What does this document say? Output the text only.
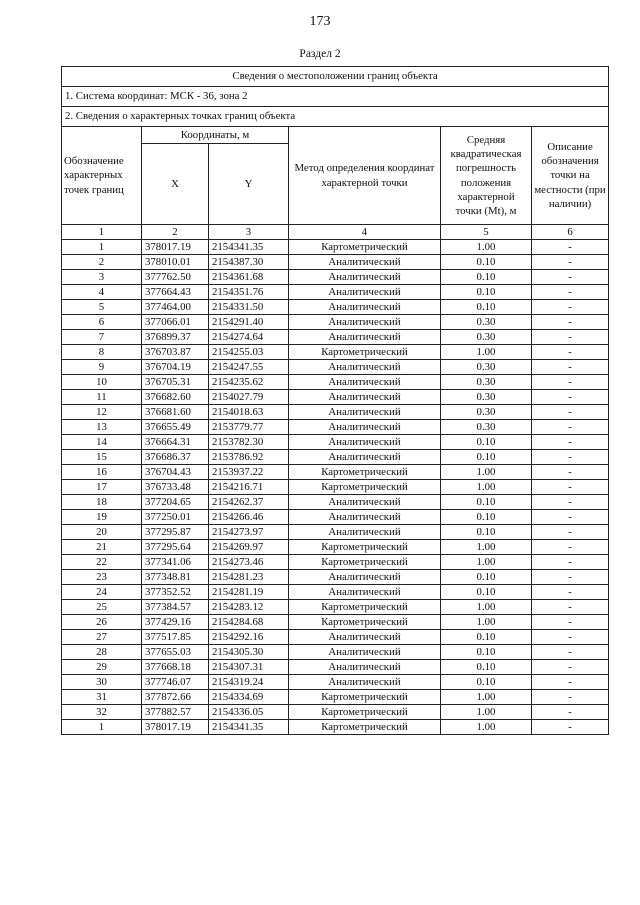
173
Раздел 2
Сведения о местоположении границ объекта					
1. Система координат: МСК - 36, зона 2					
2. Сведения о характерных точках границ объекта					
Обозначение характерных точек границ	Координаты, м		Метод определения координат характерной точки	Средняя квадратическая погрешность положения характерной точки (Mt), м	Описание обозначения точки на местности (при наличии)
	X	Y			
1	2	3	4	5	6
1	378017.19	2154341.35	Картометрический	1.00	-
2	378010.01	2154387.30	Аналитический	0.10	-
3	377762.50	2154361.68	Аналитический	0.10	-
4	377664.43	2154351.76	Аналитический	0.10	-
5	377464.00	2154331.50	Аналитический	0.10	-
6	377066.01	2154291.40	Аналитический	0.30	-
7	376899.37	2154274.64	Аналитический	0.30	-
8	376703.87	2154255.03	Картометрический	1.00	-
9	376704.19	2154247.55	Аналитический	0.30	-
10	376705.31	2154235.62	Аналитический	0.30	-
11	376682.60	2154027.79	Аналитический	0.30	-
12	376681.60	2154018.63	Аналитический	0.30	-
13	376655.49	2153779.77	Аналитический	0.30	-
14	376664.31	2153782.30	Аналитический	0.10	-
15	376686.37	2153786.92	Аналитический	0.10	-
16	376704.43	2153937.22	Картометрический	1.00	-
17	376733.48	2154216.71	Картометрический	1.00	-
18	377204.65	2154262.37	Аналитический	0.10	-
19	377250.01	2154266.46	Аналитический	0.10	-
20	377295.87	2154273.97	Аналитический	0.10	-
21	377295.64	2154269.97	Картометрический	1.00	-
22	377341.06	2154273.46	Картометрический	1.00	-
23	377348.81	2154281.23	Аналитический	0.10	-
24	377352.52	2154281.19	Аналитический	0.10	-
25	377384.57	2154283.12	Картометрический	1.00	-
26	377429.16	2154284.68	Картометрический	1.00	-
27	377517.85	2154292.16	Аналитический	0.10	-
28	377655.03	2154305.30	Аналитический	0.10	-
29	377668.18	2154307.31	Аналитический	0.10	-
30	377746.07	2154319.24	Аналитический	0.10	-
31	377872.66	2154334.69	Картометрический	1.00	-
32	377882.57	2154336.05	Картометрический	1.00	-
1	378017.19	2154341.35	Картометрический	1.00	-
